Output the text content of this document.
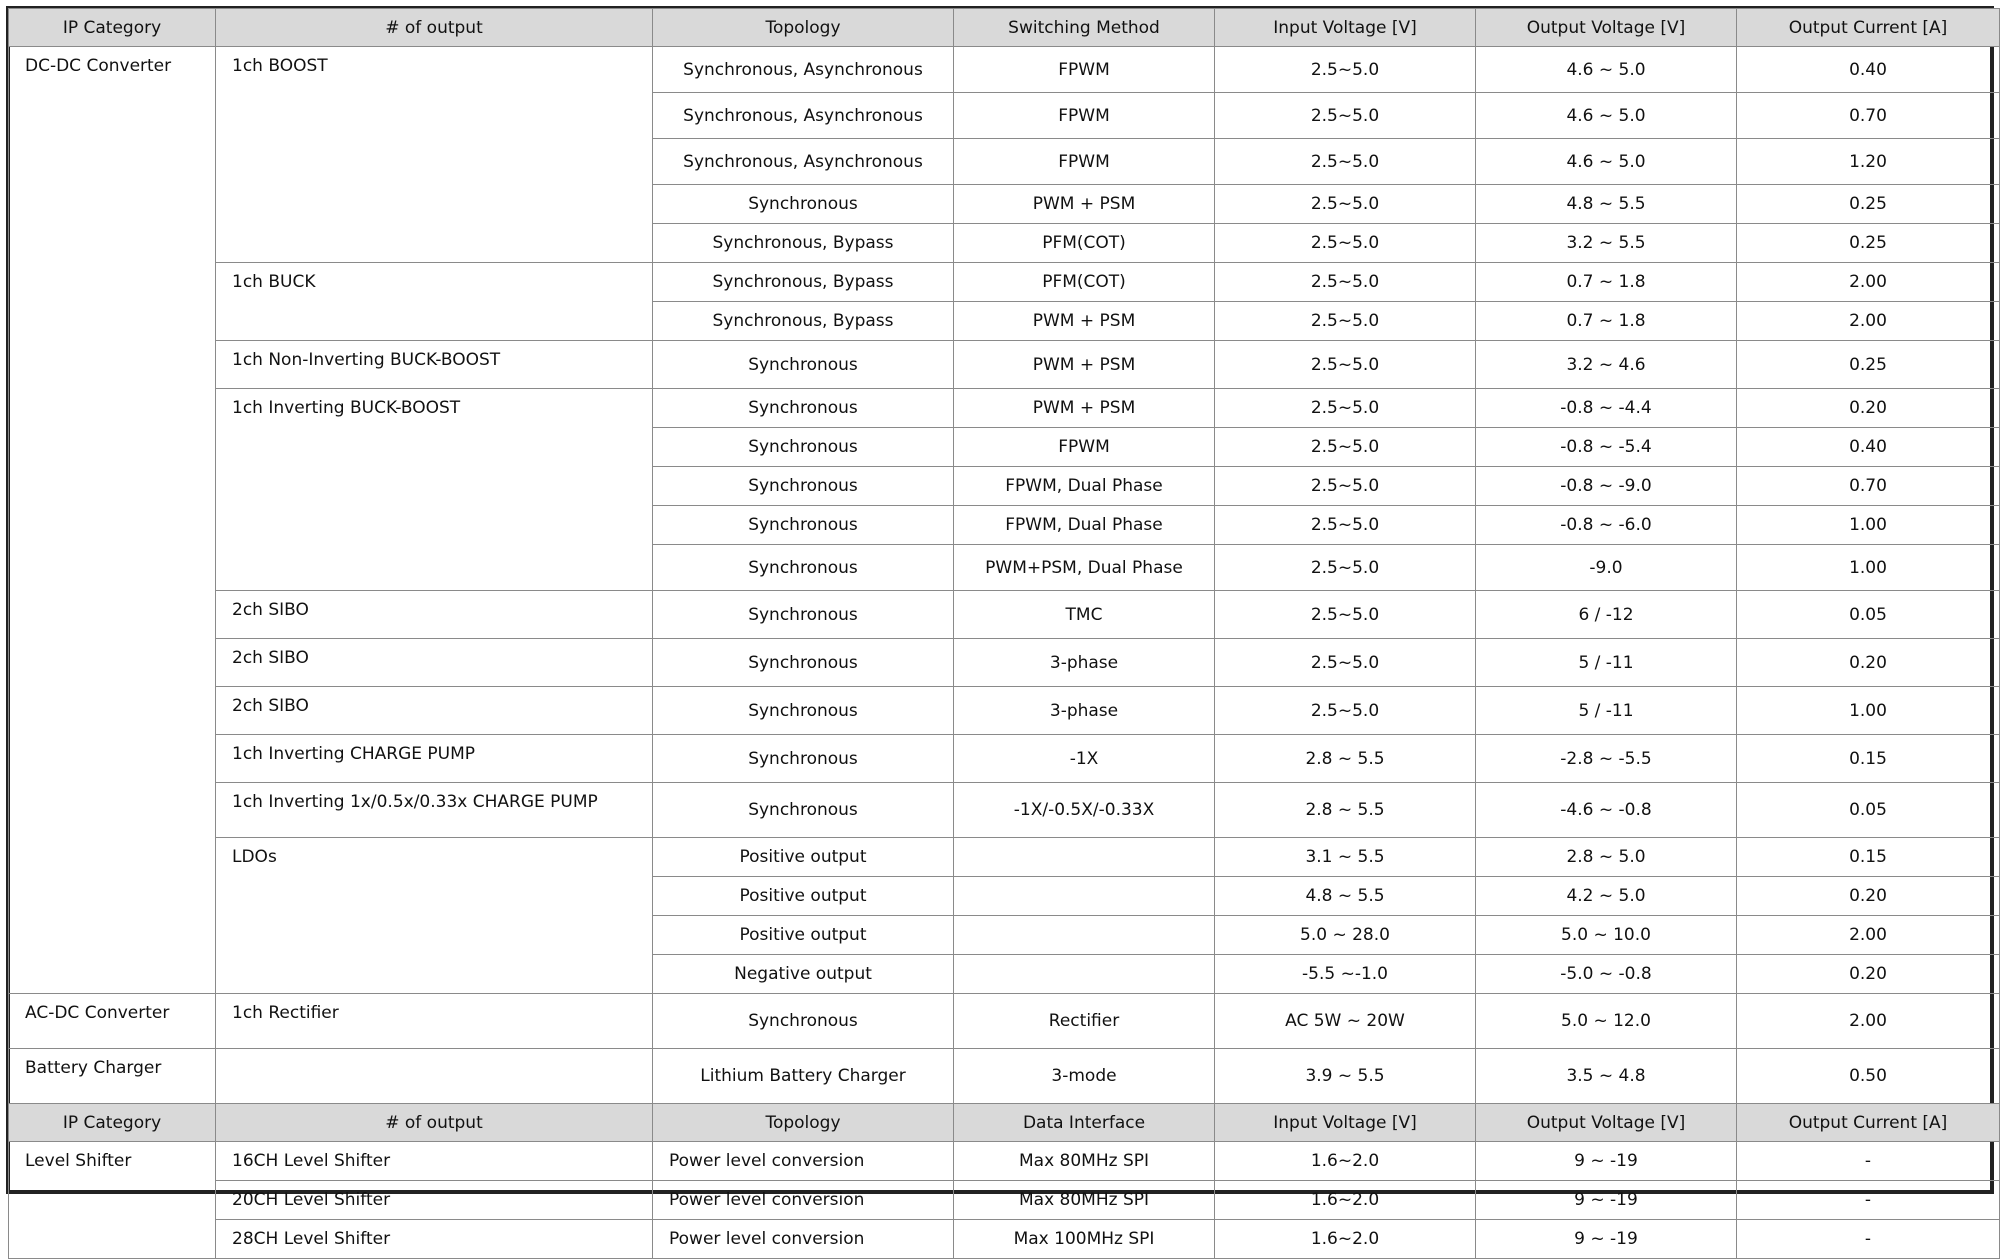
IP Category	# of output	Topology	Switching Method	Input Voltage [V]	Output Voltage [V]	Output Current [A]
DC-DC Converter	1ch BOOST	Synchronous, Asynchronous	FPWM	2.5~5.0	4.6 ~ 5.0	0.40
		Synchronous, Asynchronous	FPWM	2.5~5.0	4.6 ~ 5.0	0.70
		Synchronous, Asynchronous	FPWM	2.5~5.0	4.6 ~ 5.0	1.20
		Synchronous	PWM + PSM	2.5~5.0	4.8 ~ 5.5	0.25
		Synchronous, Bypass	PFM(COT)	2.5~5.0	3.2 ~ 5.5	0.25
	1ch BUCK	Synchronous, Bypass	PFM(COT)	2.5~5.0	0.7 ~ 1.8	2.00
		Synchronous, Bypass	PWM + PSM	2.5~5.0	0.7 ~ 1.8	2.00
	1ch Non-Inverting BUCK-BOOST	Synchronous	PWM + PSM	2.5~5.0	3.2 ~ 4.6	0.25
	1ch Inverting BUCK-BOOST	Synchronous	PWM + PSM	2.5~5.0	-0.8 ~ -4.4	0.20
		Synchronous	FPWM	2.5~5.0	-0.8 ~ -5.4	0.40
		Synchronous	FPWM, Dual Phase	2.5~5.0	-0.8 ~ -9.0	0.70
		Synchronous	FPWM, Dual Phase	2.5~5.0	-0.8 ~ -6.0	1.00
		Synchronous	PWM+PSM, Dual Phase	2.5~5.0	-9.0	1.00
	2ch SIBO	Synchronous	TMC	2.5~5.0	6 / -12	0.05
	2ch SIBO	Synchronous	3-phase	2.5~5.0	5 / -11	0.20
	2ch SIBO	Synchronous	3-phase	2.5~5.0	5 / -11	1.00
	1ch Inverting CHARGE PUMP	Synchronous	-1X	2.8 ~ 5.5	-2.8 ~ -5.5	0.15
	1ch Inverting 1x/0.5x/0.33x CHARGE PUMP	Synchronous	-1X/-0.5X/-0.33X	2.8 ~ 5.5	-4.6 ~ -0.8	0.05
	LDOs	Positive output		3.1 ~ 5.5	2.8 ~ 5.0	0.15
		Positive output		4.8 ~ 5.5	4.2 ~ 5.0	0.20
		Positive output		5.0 ~ 28.0	5.0 ~ 10.0	2.00
		Negative output		-5.5 ~-1.0	-5.0 ~ -0.8	0.20
AC-DC Converter	1ch Rectifier	Synchronous	Rectifier	AC 5W ~ 20W	5.0 ~ 12.0	2.00
Battery Charger		Lithium Battery Charger	3-mode	3.9 ~ 5.5	3.5 ~ 4.8	0.50
IP Category	# of output	Topology	Data Interface	Input Voltage [V]	Output Voltage [V]	Output Current [A]
Level Shifter	16CH Level Shifter	Power level conversion	Max 80MHz SPI	1.6~2.0	9 ~ -19	-
	20CH Level Shifter	Power level conversion	Max 80MHz SPI	1.6~2.0	9 ~ -19	-
	28CH Level Shifter	Power level conversion	Max 100MHz SPI	1.6~2.0	9 ~ -19	-
